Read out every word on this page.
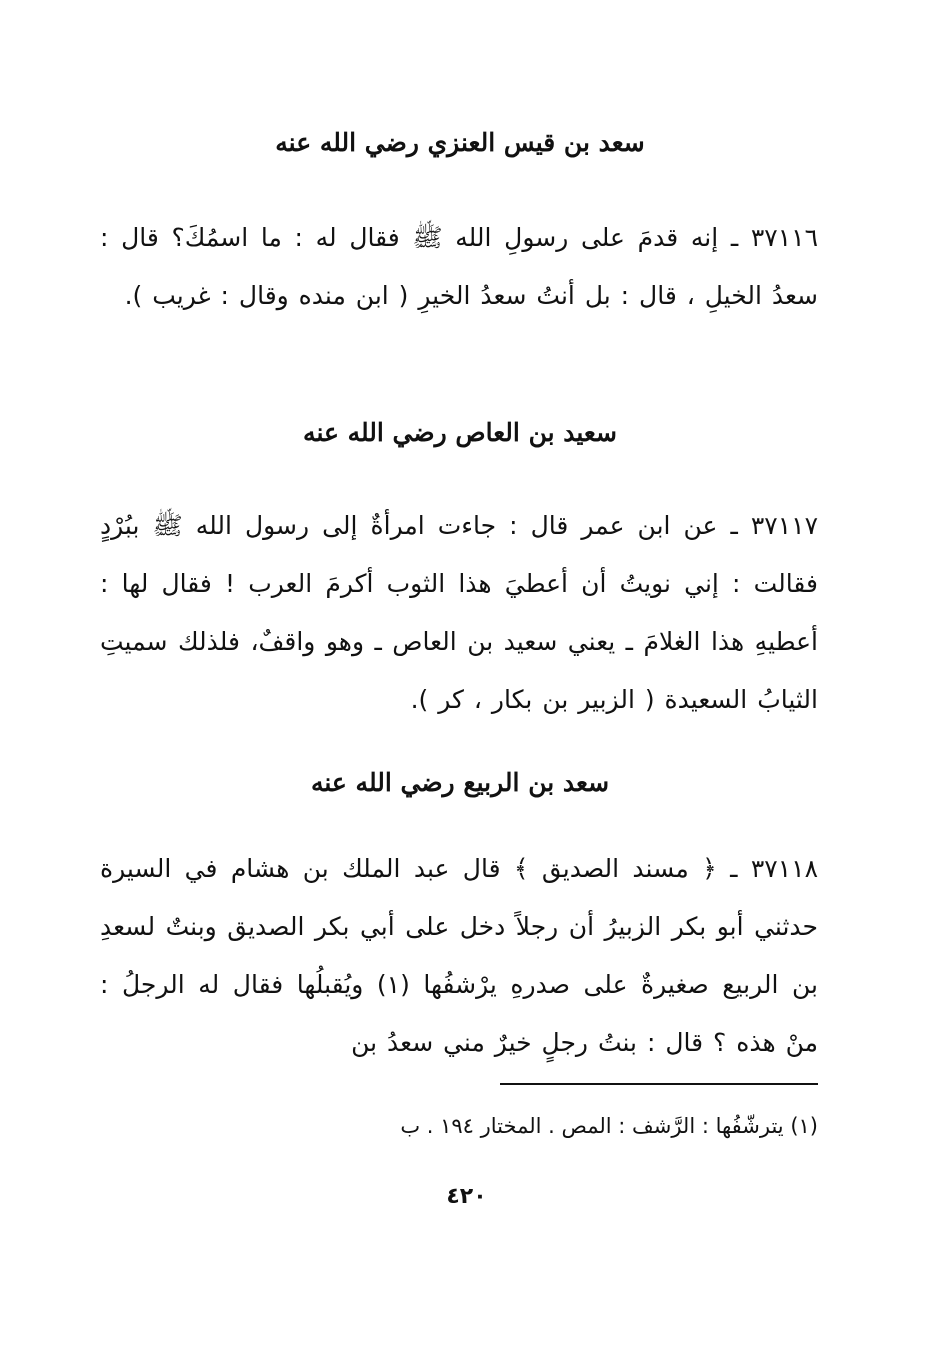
سعد بن قيس العنزي رضي الله عنه
٣٧١١٦ ـ إنه قدمَ على رسولِ الله ﷺ فقال له : ما اسمُكَ؟ قال : سعدُ الخيلِ ، قال : بل أنتُ سعدُ الخيرِ ( ابن منده وقال : غريب ).
سعيد بن العاص رضي الله عنه
٣٧١١٧ ـ عن ابن عمر قال : جاءت امرأةٌ إلى رسول الله ﷺ ببُرْدٍ فقالت : إني نويتُ أن أعطيَ هذا الثوب أكرمَ العرب ! فقال لها : أعطيهِ هذا الغلامَ ـ يعني سعيد بن العاص ـ وهو واقفٌ، فلذلك سميتِ الثيابُ السعيدة ( الزبير بن بكار ، كر ).
سعد بن الربيع رضي الله عنه
٣٧١١٨ ـ ﴿ مسند الصديق ﴾ قال عبد الملك بن هشام في السيرة حدثني أبو بكر الزبيرُ أن رجلاً دخل على أبي بكر الصديق وبنتٌ لسعدِ بن الربيع صغيرةٌ على صدرهِ يرْشفُها (١) ويُقبلُها فقال له الرجلُ : منْ هذه ؟ قال : بنتُ رجلٍ خيرٌ مني سعدُ بن
(١) يترشّفُها : الرَّشف : المص . المختار ١٩٤ . ب
٤٢٠
